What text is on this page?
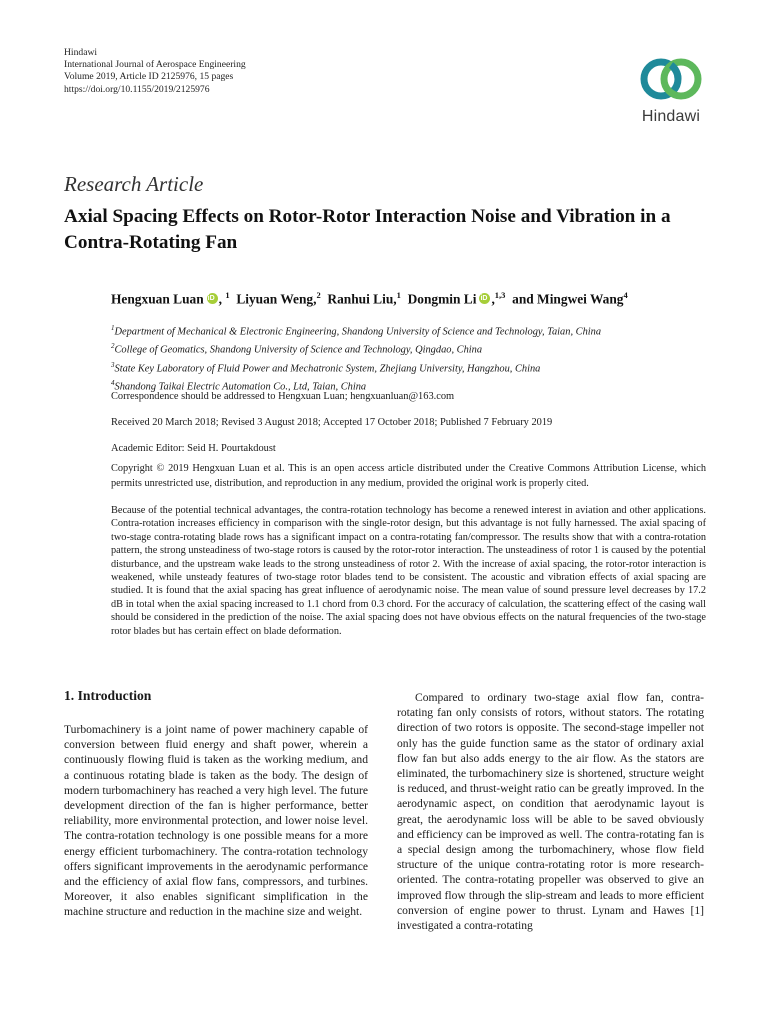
Hindawi
International Journal of Aerospace Engineering
Volume 2019, Article ID 2125976, 15 pages
https://doi.org/10.1155/2019/2125976
Hindawi
Research Article
Axial Spacing Effects on Rotor-Rotor Interaction Noise and Vibration in a Contra-Rotating Fan
Hengxuan Luan iD , $^1$ Liyuan Weng,$^2$ Ranhui Liu,$^1$ Dongmin Li iD ,$^{1,3}$ and Mingwei Wang$^4$
$^1$Department of Mechanical & Electronic Engineering, Shandong University of Science and Technology, Taian, China
$^2$College of Geomatics, Shandong University of Science and Technology, Qingdao, China
$^3$State Key Laboratory of Fluid Power and Mechatronic System, Zhejiang University, Hangzhou, China
$^4$Shandong Taikai Electric Automation Co., Ltd, Taian, China
Correspondence should be addressed to Hengxuan Luan; hengxuanluan@163.com
Received 20 March 2018; Revised 3 August 2018; Accepted 17 October 2018; Published 7 February 2019
Academic Editor: Seid H. Pourtakdoust
Copyright © 2019 Hengxuan Luan et al. This is an open access article distributed under the Creative Commons Attribution License, which permits unrestricted use, distribution, and reproduction in any medium, provided the original work is properly cited.
Because of the potential technical advantages, the contra-rotation technology has become a renewed interest in aviation and other applications. Contra-rotation increases efficiency in comparison with the single-rotor design, but this advantage is not fully harnessed. The axial spacing of two-stage contra-rotating blade rows has a significant impact on a contra-rotating fan/compressor. The results show that with a contra-rotation pattern, the strong unsteadiness of two-stage rotors is caused by the rotor-rotor interaction. The unsteadiness of rotor 1 is caused by the potential disturbance, and the upstream wake leads to the strong unsteadiness of rotor 2. With the increase of axial spacing, the rotor-rotor interaction is weakened, while unsteady features of two-stage rotor blades tend to be consistent. The acoustic and vibration effects of axial spacing are studied. It is found that the axial spacing has great influence of aerodynamic noise. The mean value of sound pressure level decreases by 17.2 dB in total when the axial spacing increased to 1.1 chord from 0.3 chord. For the accuracy of calculation, the scattering effect of the casing wall should be considered in the prediction of the noise. The axial spacing does not have obvious effects on the natural frequencies of the two-stage rotor blades but has certain effect on blade deformation.
1. Introduction
Turbomachinery is a joint name of power machinery capable of conversion between fluid energy and shaft power, wherein a continuously flowing fluid is taken as the working medium, and a continuous rotating blade is taken as the body. The design of modern turbomachinery has reached a very high level. The future development direction of the fan is higher performance, better reliability, more environmental protection, and lower noise level. The contra-rotation technology is one possible means for a more energy efficient turbomachinery. The contra-rotation technology offers significant improvements in the aerodynamic performance and the efficiency of axial flow fans, compressors, and turbines. Moreover, it also enables significant simplification in the machine structure and reduction in the machine size and weight.
Compared to ordinary two-stage axial flow fan, contra-rotating fan only consists of rotors, without stators. The rotating direction of two rotors is opposite. The second-stage impeller not only has the guide function same as the stator of ordinary axial flow fan but also adds energy to the air flow. As the stators are eliminated, the turbomachinery size is shortened, structure weight is reduced, and thrust-weight ratio can be greatly improved. In the aerodynamic aspect, on condition that aerodynamic layout is great, the aerodynamic loss will be able to be saved obviously and efficiency can be improved as well. The contra-rotating fan is a special design among the turbomachinery, whose flow field structure of the unique contra-rotating rotor is more research-oriented. The contra-rotating propeller was observed to give an improved flow through the slip-stream and leads to more efficient conversion of engine power to thrust. Lynam and Hawes [1] investigated a contra-rotating
